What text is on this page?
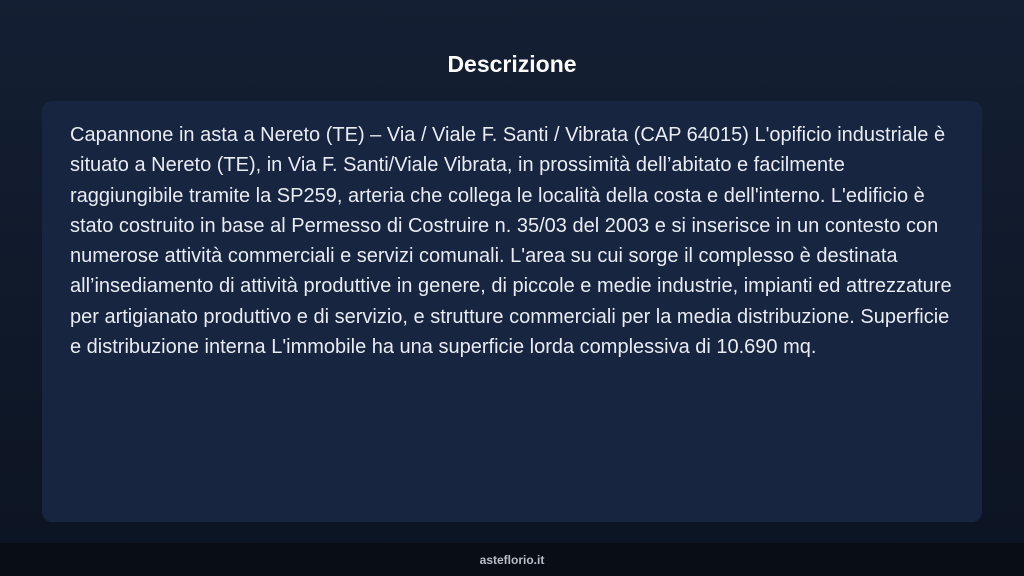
Descrizione

Capannone in asta a Nereto (TE) – Via / Viale F. Santi / Vibrata (CAP 64015) L'opificio industriale è situato a Nereto (TE), in Via F. Santi/Viale Vibrata, in prossimità dell’abitato e facilmente raggiungibile tramite la SP259, arteria che collega le località della costa e dell'interno. L'edificio è stato costruito in base al Permesso di Costruire n. 35/03 del 2003 e si inserisce in un contesto con numerose attività commerciali e servizi comunali. L'area su cui sorge il complesso è destinata all’insediamento di attività produttive in genere, di piccole e medie industrie, impianti ed attrezzature per artigianato produttivo e di servizio, e strutture commerciali per la media distribuzione. Superficie e distribuzione interna L'immobile ha una superficie lorda complessiva di 10.690 mq.

asteflorio.it
